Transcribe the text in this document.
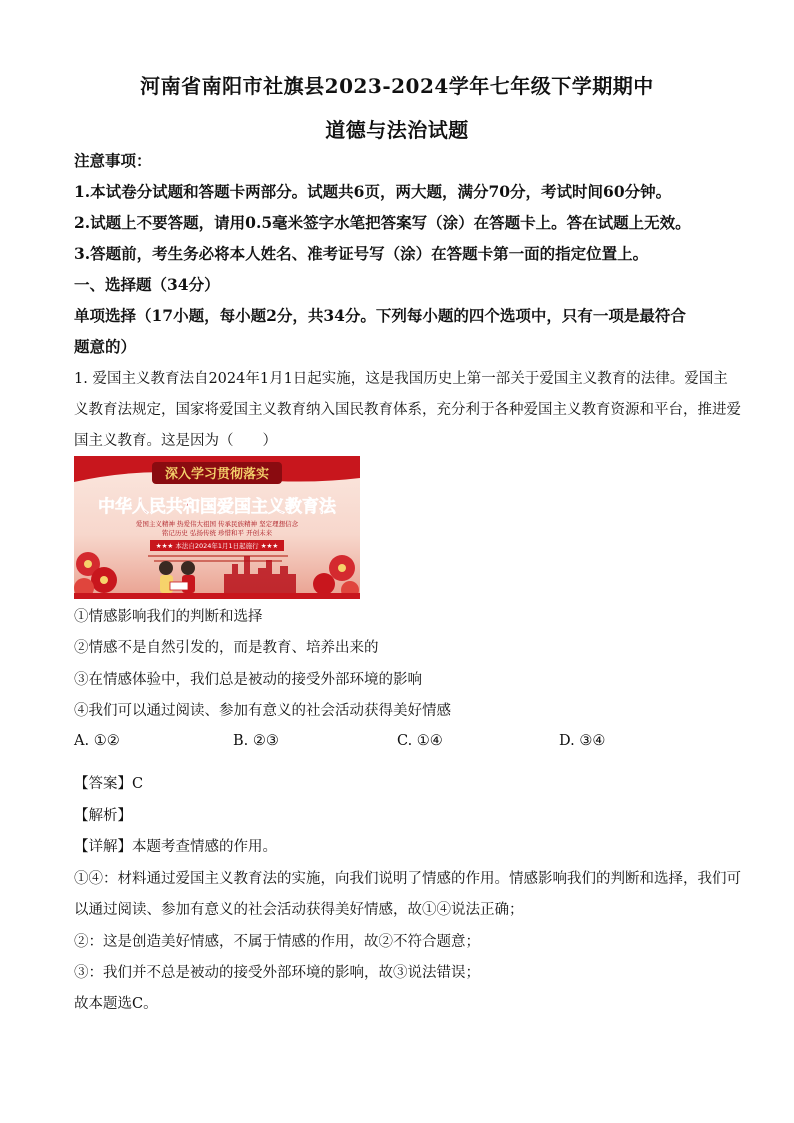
河南省南阳市社旗县2023-2024学年七年级下学期期中
道德与法治试题
注意事项：
1.本试卷分试题和答题卡两部分。试题共6页，两大题，满分70分，考试时间60分钟。
2.试题上不要答题，请用0.5毫米签字水笔把答案写（涂）在答题卡上。答在试题上无效。
3.答题前，考生务必将本人姓名、准考证号写（涂）在答题卡第一面的指定位置上。
一、选择题（34分）
单项选择（17小题，每小题2分，共34分。下列每小题的四个选项中，只有一项是最符合
题意的）
1. 爱国主义教育法自2024年1月1日起实施，这是我国历史上第一部关于爱国主义教育的法律。爱国主
义教育法规定，国家将爱国主义教育纳入国民教育体系，充分利于各种爱国主义教育资源和平台，推进爱
国主义教育。这是因为（　　）
深入学习贯彻落实
中华人民共和国爱国主义教育法
爱国主义精神 热爱伟大祖国 传承民族精神 坚定理想信念
铭记历史 弘扬传统 珍惜和平 开创未来
★★★ 本法自2024年1月1日起施行 ★★★
①情感影响我们的判断和选择
②情感不是自然引发的，而是教育、培养出来的
③在情感体验中，我们总是被动的接受外部环境的影响
④我们可以通过阅读、参加有意义的社会活动获得美好情感
A. ①②	B. ②③	C. ①④	D. ③④
【答案】C
【解析】
【详解】本题考查情感的作用。
①④：材料通过爱国主义教育法的实施，向我们说明了情感的作用。情感影响我们的判断和选择，我们可
以通过阅读、参加有意义的社会活动获得美好情感，故①④说法正确；
②：这是创造美好情感，不属于情感的作用，故②不符合题意；
③：我们并不总是被动的接受外部环境的影响，故③说法错误；
故本题选C。
